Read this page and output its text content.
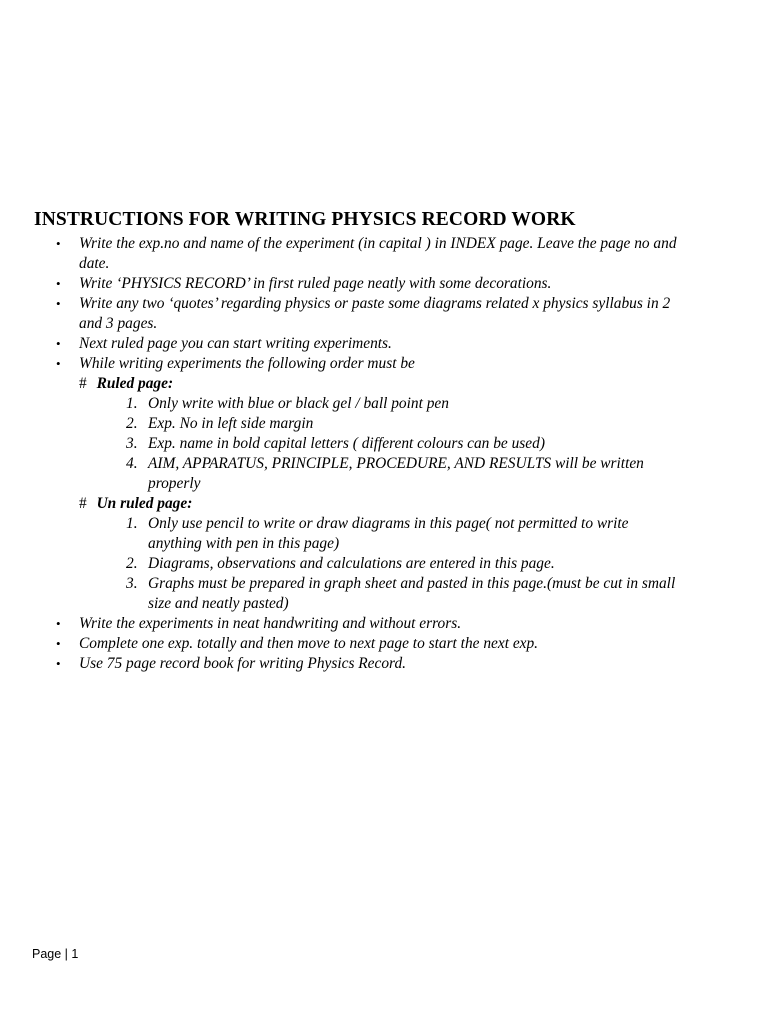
INSTRUCTIONS FOR WRITING PHYSICS RECORD WORK
• Write the exp.no and name of the experiment (in capital ) in INDEX page. Leave the page no and
date.
• Write ‘PHYSICS RECORD’ in first ruled page neatly with some decorations.
• Write any two ‘quotes’ regarding physics or paste some diagrams related x physics syllabus in 2
and 3 pages.
• Next ruled page you can start writing experiments.
• While writing experiments the following order must be
# Ruled page:
1. Only write with blue or black gel / ball point pen
2. Exp. No in left side margin
3. Exp. name in bold capital letters ( different colours can be used)
4. AIM, APPARATUS, PRINCIPLE, PROCEDURE, AND RESULTS will be written
properly
# Un ruled page:
1. Only use pencil to write or draw diagrams in this page( not permitted to write
anything with pen in this page)
2. Diagrams, observations and calculations are entered in this page.
3. Graphs must be prepared in graph sheet and pasted in this page.(must be cut in small
size and neatly pasted)
• Write the experiments in neat handwriting and without errors.
• Complete one exp. totally and then move to next page to start the next exp.
• Use 75 page record book for writing Physics Record.
Page | 1
